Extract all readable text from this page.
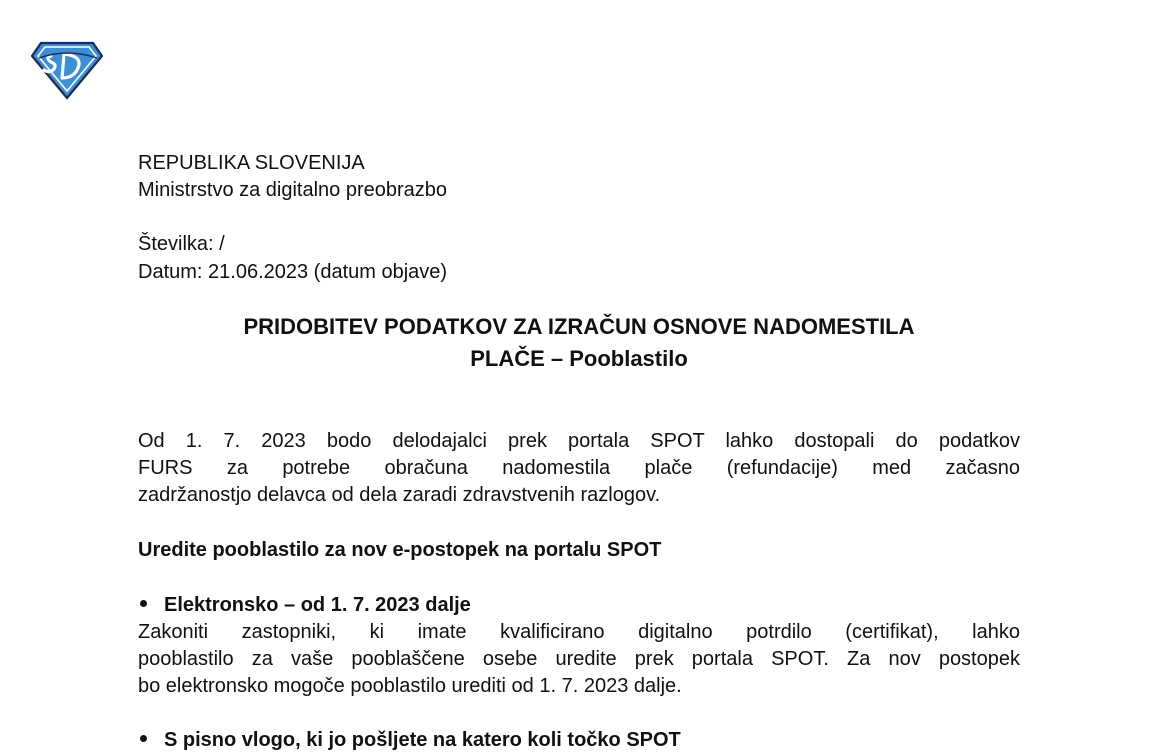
REPUBLIKA SLOVENIJA
Ministrstvo za digitalno preobrazbo
Številka: /
Datum: 21.06.2023 (datum objave)
PRIDOBITEV PODATKOV ZA IZRAČUN OSNOVE NADOMESTILA
PLAČE – Pooblastilo
Od 1. 7. 2023 bodo delodajalci prek portala SPOT lahko dostopali do podatkov
FURS za potrebe obračuna nadomestila plače (refundacije) med začasno
zadržanostjo delavca od dela zaradi zdravstvenih razlogov.
Uredite pooblastilo za nov e-postopek na portalu SPOT
Elektronsko – od 1. 7. 2023 dalje
Zakoniti zastopniki, ki imate kvalificirano digitalno potrdilo (certifikat), lahko
pooblastilo za vaše pooblaščene osebe uredite prek portala SPOT. Za nov postopek
bo elektronsko mogoče pooblastilo urediti od 1. 7. 2023 dalje.
S pisno vlogo, ki jo pošljete na katero koli točko SPOT
